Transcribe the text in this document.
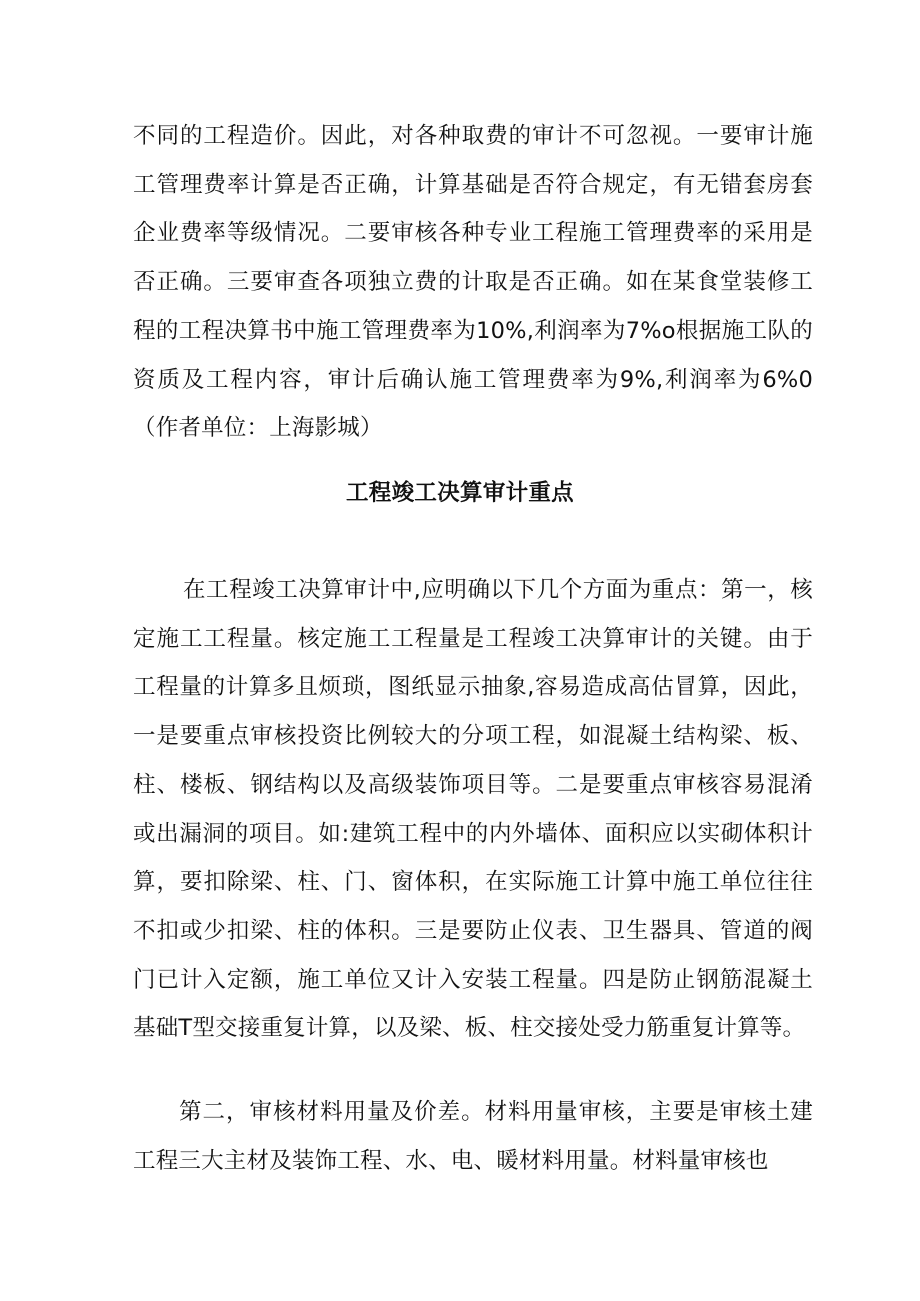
不同的工程造价。因此，对各种取费的审计不可忽视。一要审计施工管理费率计算是否正确，计算基础是否符合规定，有无错套房套企业费率等级情况。二要审核各种专业工程施工管理费率的采用是否正确。三要审查各项独立费的计取是否正确。如在某食堂装修工程的工程决算书中施工管理费率为10%,利润率为7%o根据施工队的资质及工程内容，审计后确认施工管理费率为9%,利润率为6%0（作者单位：上海影城）

工程竣工决算审计重点

在工程竣工决算审计中,应明确以下几个方面为重点：第一，核定施工工程量。核定施工工程量是工程竣工决算审计的关键。由于工程量的计算多且烦琐，图纸显示抽象,容易造成高估冒算，因此，一是要重点审核投资比例较大的分项工程，如混凝土结构梁、板、柱、楼板、钢结构以及高级装饰项目等。二是要重点审核容易混淆或出漏洞的项目。如:建筑工程中的内外墙体、面积应以实砌体积计算，要扣除梁、柱、门、窗体积，在实际施工计算中施工单位往往不扣或少扣梁、柱的体积。三是要防止仪表、卫生器具、管道的阀门已计入定额，施工单位又计入安装工程量。四是防止钢筋混凝土基础T型交接重复计算，以及梁、板、柱交接处受力筋重复计算等。

第二，审核材料用量及价差。材料用量审核，主要是审核土建工程三大主材及装饰工程、水、电、暖材料用量。材料量审核也
